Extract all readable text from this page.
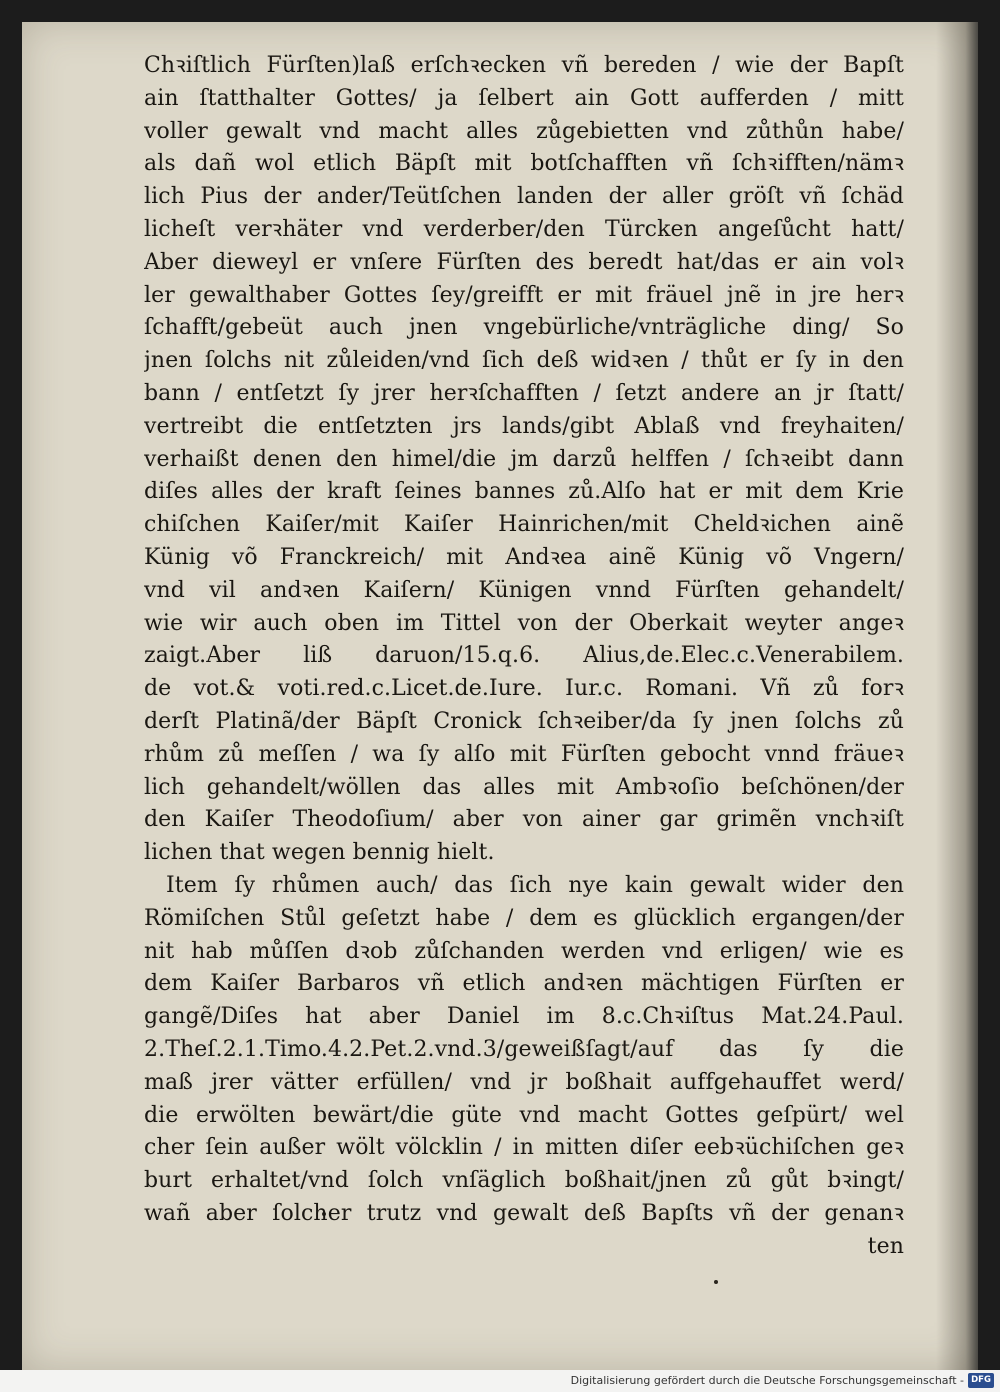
Chꝛiſtlich Fürſten)laß erſchꝛecken vñ bereden / wie der Bapſt
ain ſtatthalter Gottes/ ja ſelbert ain Gott aufferden / mitt
voller gewalt vnd macht alles zůgebietten vnd zůthůn habe/
als dañ wol etlich Bäpſt mit botſchafften vñ ſchꝛifften/nämꝛ
lich Pius der ander/Teütſchen landen der aller gröſt vñ ſchäd
licheſt verꝛhäter vnd verderber/den Türcken angeſůcht hatt/
Aber dieweyl er vnſere Fürſten des beredt hat/das er ain volꝛ
ler gewalthaber Gottes ſey/greifft er mit fräuel jnẽ in jre herꝛ
ſchafft/gebeüt auch jnen vngebürliche/vnträgliche ding/ So
jnen ſolchs nit zůleiden/vnd ſich deß widꝛen / thůt er ſy in den
bann / entſetzt ſy jrer herꝛſchafften / ſetzt andere an jr ſtatt/
vertreibt die entſetzten jrs lands/gibt Ablaß vnd freyhaiten/
verhaißt denen den himel/die jm darzů helffen / ſchꝛeibt dann
diſes alles der kraft ſeines bannes zů.Alſo hat er mit dem Krie
chiſchen Kaiſer/mit Kaiſer Hainrichen/mit Cheldꝛichen ainẽ
Künig võ Franckreich/ mit Andꝛea ainẽ Künig võ Vngern/
vnd vil andꝛen Kaiſern/ Künigen vnnd Fürſten gehandelt/
wie wir auch oben im Tittel von der Oberkait weyter angeꝛ
zaigt.Aber liß daruon/15.q.6. Alius,de.Elec.c.Venerabilem.
de vot.& voti.red.c.Licet.de.Iure. Iur.c. Romani. Vñ zů forꝛ
derſt Platinã/der Bäpſt Cronick ſchꝛeiber/da ſy jnen ſolchs zů
rhům zů meſſen / wa ſy alſo mit Fürſten gebocht vnnd fräueꝛ
lich gehandelt/wöllen das alles mit Ambꝛoſio beſchönen/der
den Kaiſer Theodoſium/ aber von ainer gar grimẽn vnchꝛiſt
lichen that wegen bennig hielt.
Item ſy rhůmen auch/ das ſich nye kain gewalt wider den
Römiſchen Stůl geſetzt habe / dem es glücklich ergangen/der
nit hab můſſen dꝛob zůſchanden werden vnd erligen/ wie es
dem Kaiſer Barbaros vñ etlich andꝛen mächtigen Fürſten er
gangẽ/Diſes hat aber Daniel im 8.c.Chꝛiſtus Mat.24.Paul.
2.Theſ.2.1.Timo.4.2.Pet.2.vnd.3/geweißſagt/auf das ſy die
maß jrer vätter erfüllen/ vnd jr boßhait auffgehauffet werd/
die erwölten bewärt/die güte vnd macht Gottes geſpürt/ wel
cher ſein außer wölt völcklin / in mitten diſer eebꝛüchiſchen geꝛ
burt erhaltet/vnd ſolch vnſäglich boßhait/jnen zů gůt bꝛingt/
wañ aber ſolcher trutz vnd gewalt deß Bapſts vñ der genanꝛ
ten
Digitalisierung gefördert durch die Deutsche Forschungsgemeinschaft - DFG
